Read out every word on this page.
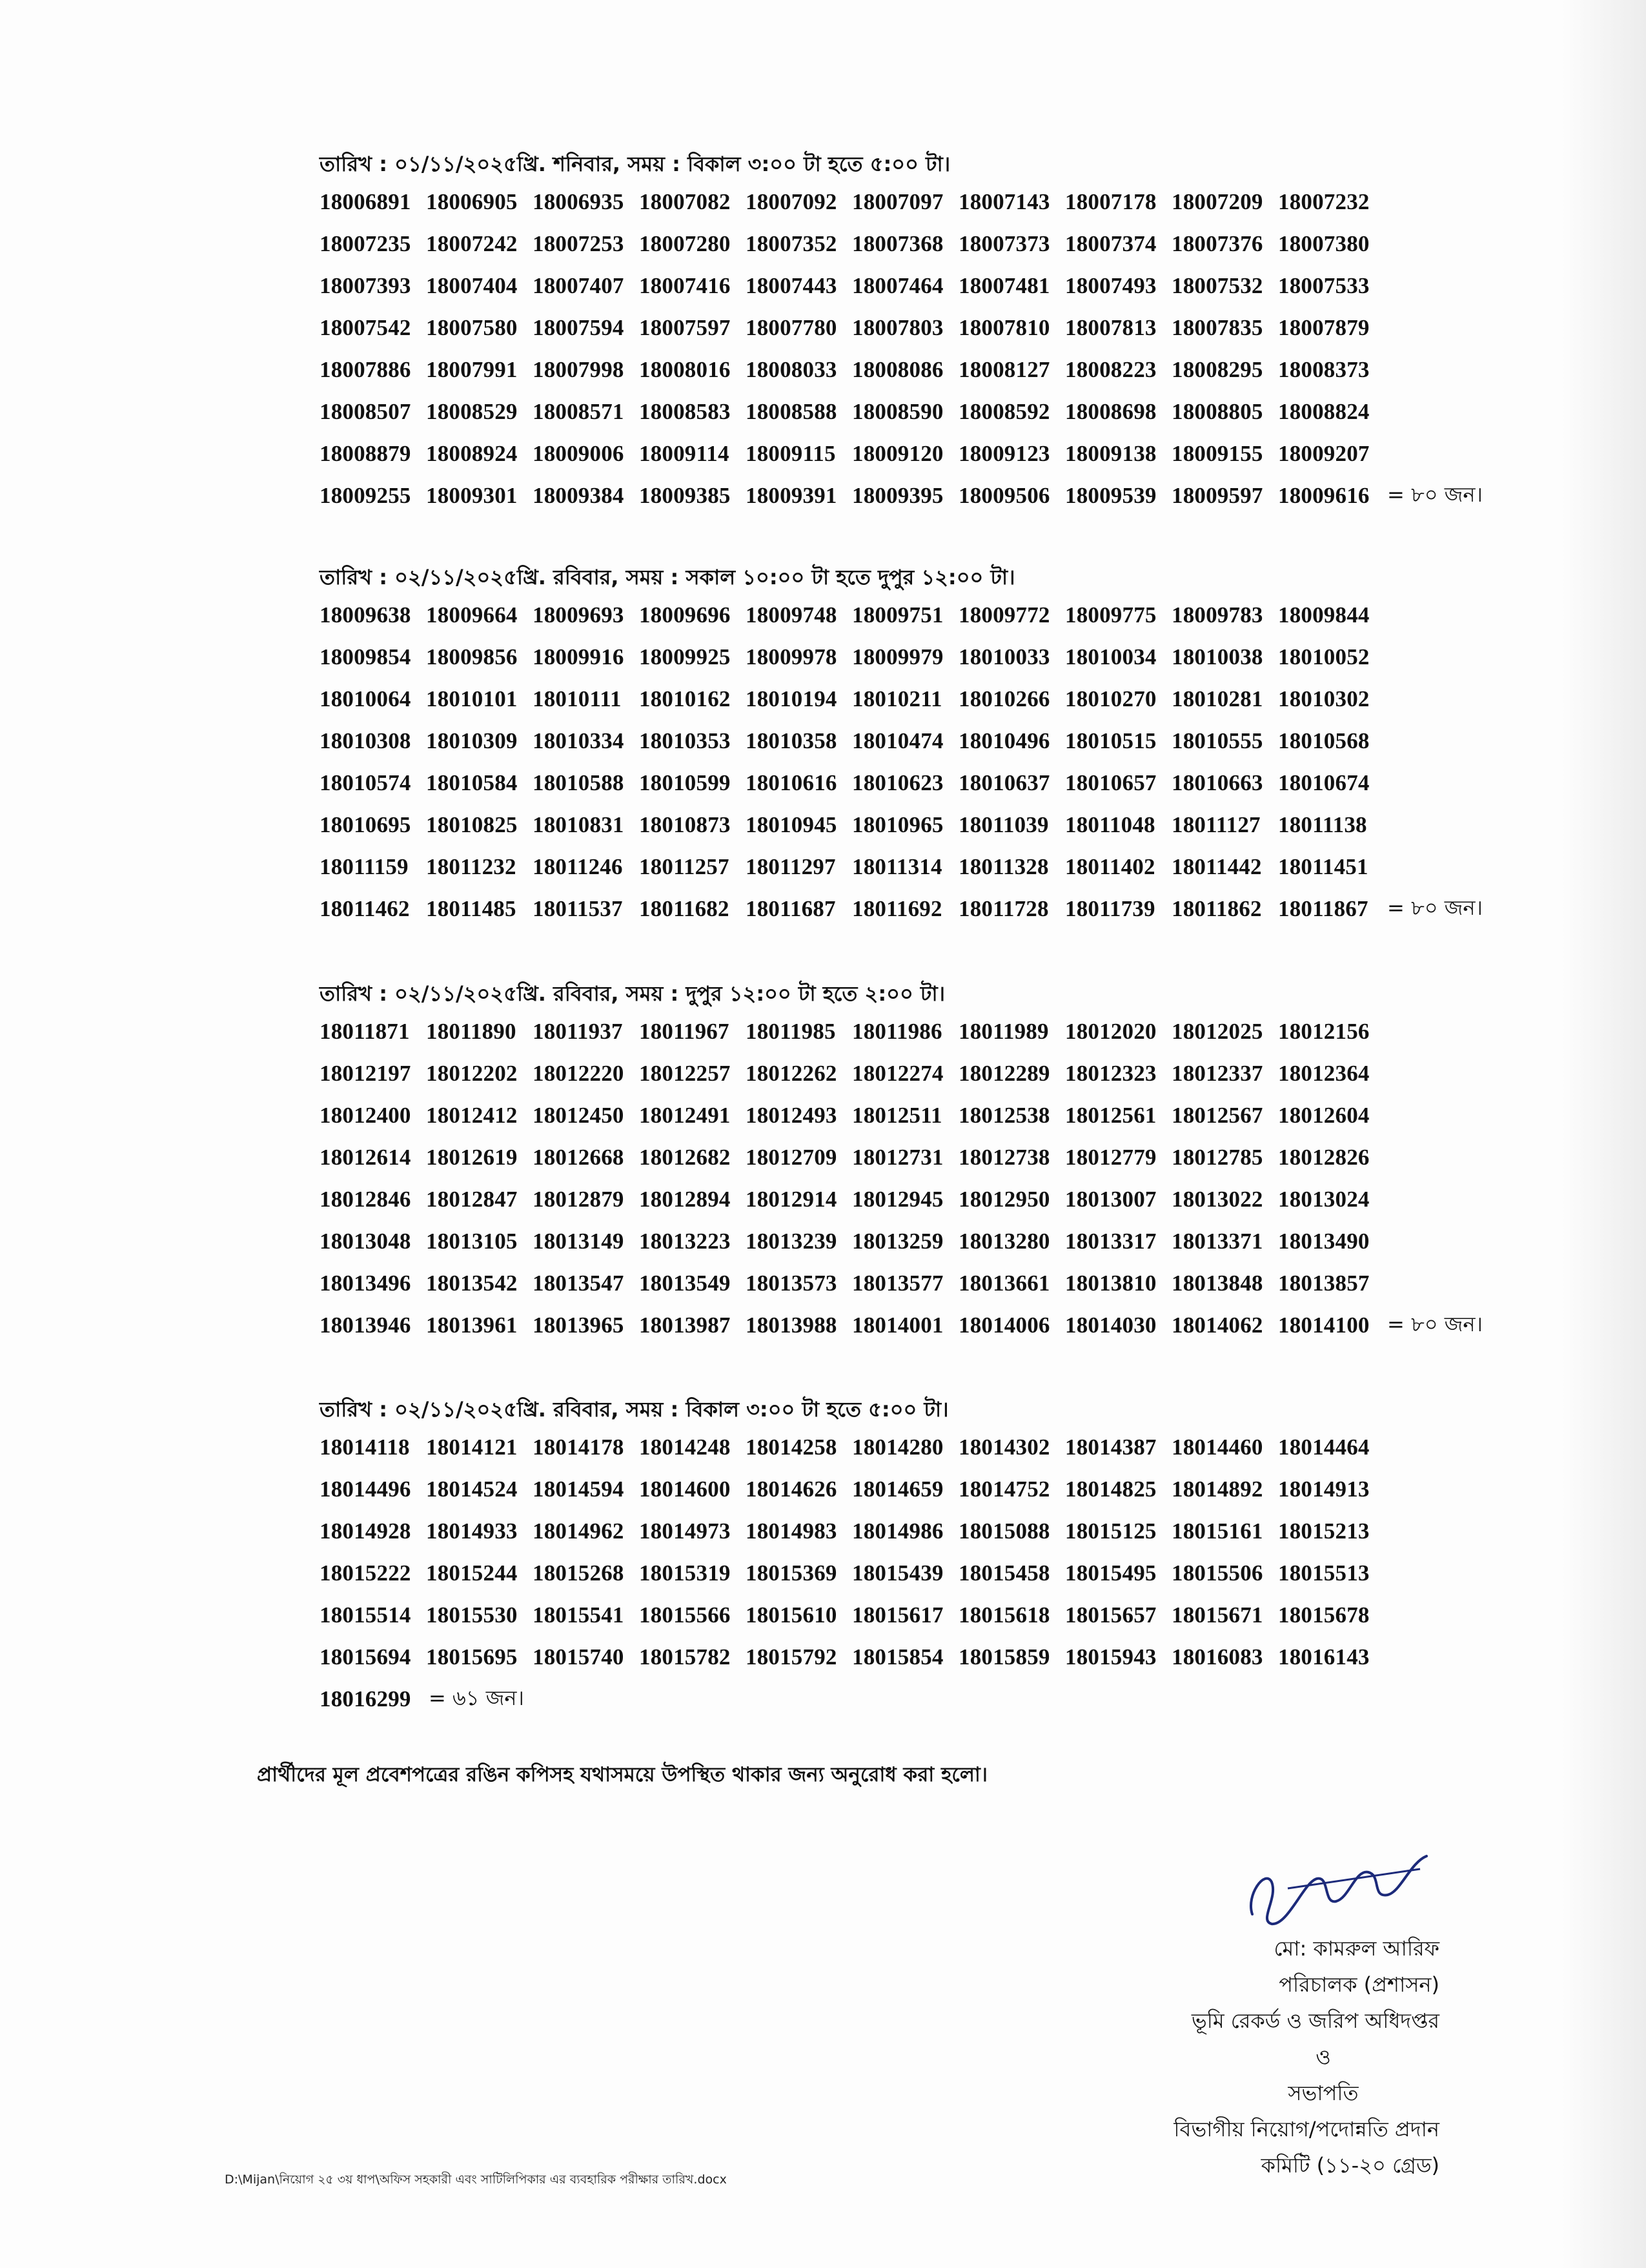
তারিখ : ০১/১১/২০২৫খ্রি. শনিবার, সময় : বিকাল ৩:০০ টা হতে ৫:০০ টা।
18006891 18006905 18006935 18007082 18007092 18007097 18007143 18007178 18007209 18007232
18007235 18007242 18007253 18007280 18007352 18007368 18007373 18007374 18007376 18007380
18007393 18007404 18007407 18007416 18007443 18007464 18007481 18007493 18007532 18007533
18007542 18007580 18007594 18007597 18007780 18007803 18007810 18007813 18007835 18007879
18007886 18007991 18007998 18008016 18008033 18008086 18008127 18008223 18008295 18008373
18008507 18008529 18008571 18008583 18008588 18008590 18008592 18008698 18008805 18008824
18008879 18008924 18009006 18009114 18009115 18009120 18009123 18009138 18009155 18009207
18009255 18009301 18009384 18009385 18009391 18009395 18009506 18009539 18009597 18009616 = ৮০ জন।
তারিখ : ০২/১১/২০২৫খ্রি. রবিবার, সময় : সকাল ১০:০০ টা হতে দুপুর ১২:০০ টা।
18009638 18009664 18009693 18009696 18009748 18009751 18009772 18009775 18009783 18009844
18009854 18009856 18009916 18009925 18009978 18009979 18010033 18010034 18010038 18010052
18010064 18010101 18010111 18010162 18010194 18010211 18010266 18010270 18010281 18010302
18010308 18010309 18010334 18010353 18010358 18010474 18010496 18010515 18010555 18010568
18010574 18010584 18010588 18010599 18010616 18010623 18010637 18010657 18010663 18010674
18010695 18010825 18010831 18010873 18010945 18010965 18011039 18011048 18011127 18011138
18011159 18011232 18011246 18011257 18011297 18011314 18011328 18011402 18011442 18011451
18011462 18011485 18011537 18011682 18011687 18011692 18011728 18011739 18011862 18011867 = ৮০ জন।
তারিখ : ০২/১১/২০২৫খ্রি. রবিবার, সময় : দুপুর ১২:০০ টা হতে ২:০০ টা।
18011871 18011890 18011937 18011967 18011985 18011986 18011989 18012020 18012025 18012156
18012197 18012202 18012220 18012257 18012262 18012274 18012289 18012323 18012337 18012364
18012400 18012412 18012450 18012491 18012493 18012511 18012538 18012561 18012567 18012604
18012614 18012619 18012668 18012682 18012709 18012731 18012738 18012779 18012785 18012826
18012846 18012847 18012879 18012894 18012914 18012945 18012950 18013007 18013022 18013024
18013048 18013105 18013149 18013223 18013239 18013259 18013280 18013317 18013371 18013490
18013496 18013542 18013547 18013549 18013573 18013577 18013661 18013810 18013848 18013857
18013946 18013961 18013965 18013987 18013988 18014001 18014006 18014030 18014062 18014100 = ৮০ জন।
তারিখ : ০২/১১/২০২৫খ্রি. রবিবার, সময় : বিকাল ৩:০০ টা হতে ৫:০০ টা।
18014118 18014121 18014178 18014248 18014258 18014280 18014302 18014387 18014460 18014464
18014496 18014524 18014594 18014600 18014626 18014659 18014752 18014825 18014892 18014913
18014928 18014933 18014962 18014973 18014983 18014986 18015088 18015125 18015161 18015213
18015222 18015244 18015268 18015319 18015369 18015439 18015458 18015495 18015506 18015513
18015514 18015530 18015541 18015566 18015610 18015617 18015618 18015657 18015671 18015678
18015694 18015695 18015740 18015782 18015792 18015854 18015859 18015943 18016083 18016143
18016299 = ৬১ জন।
প্রার্থীদের মূল প্রবেশপত্রের রঙিন কপিসহ যথাসময়ে উপস্থিত থাকার জন্য অনুরোধ করা হলো।
মো: কামরুল আরিফ
পরিচালক (প্রশাসন)
ভূমি রেকর্ড ও জরিপ অধিদপ্তর
ও
সভাপতি
বিভাগীয় নিয়োগ/পদোন্নতি প্রদান
কমিটি (১১-২০ গ্রেড)
D:\Mijan\নিয়োগ ২৫ ৩য় ধাপ\অফিস সহকারী এবং সাটিলিপিকার এর ব্যবহারিক পরীক্ষার তারিখ.docx
